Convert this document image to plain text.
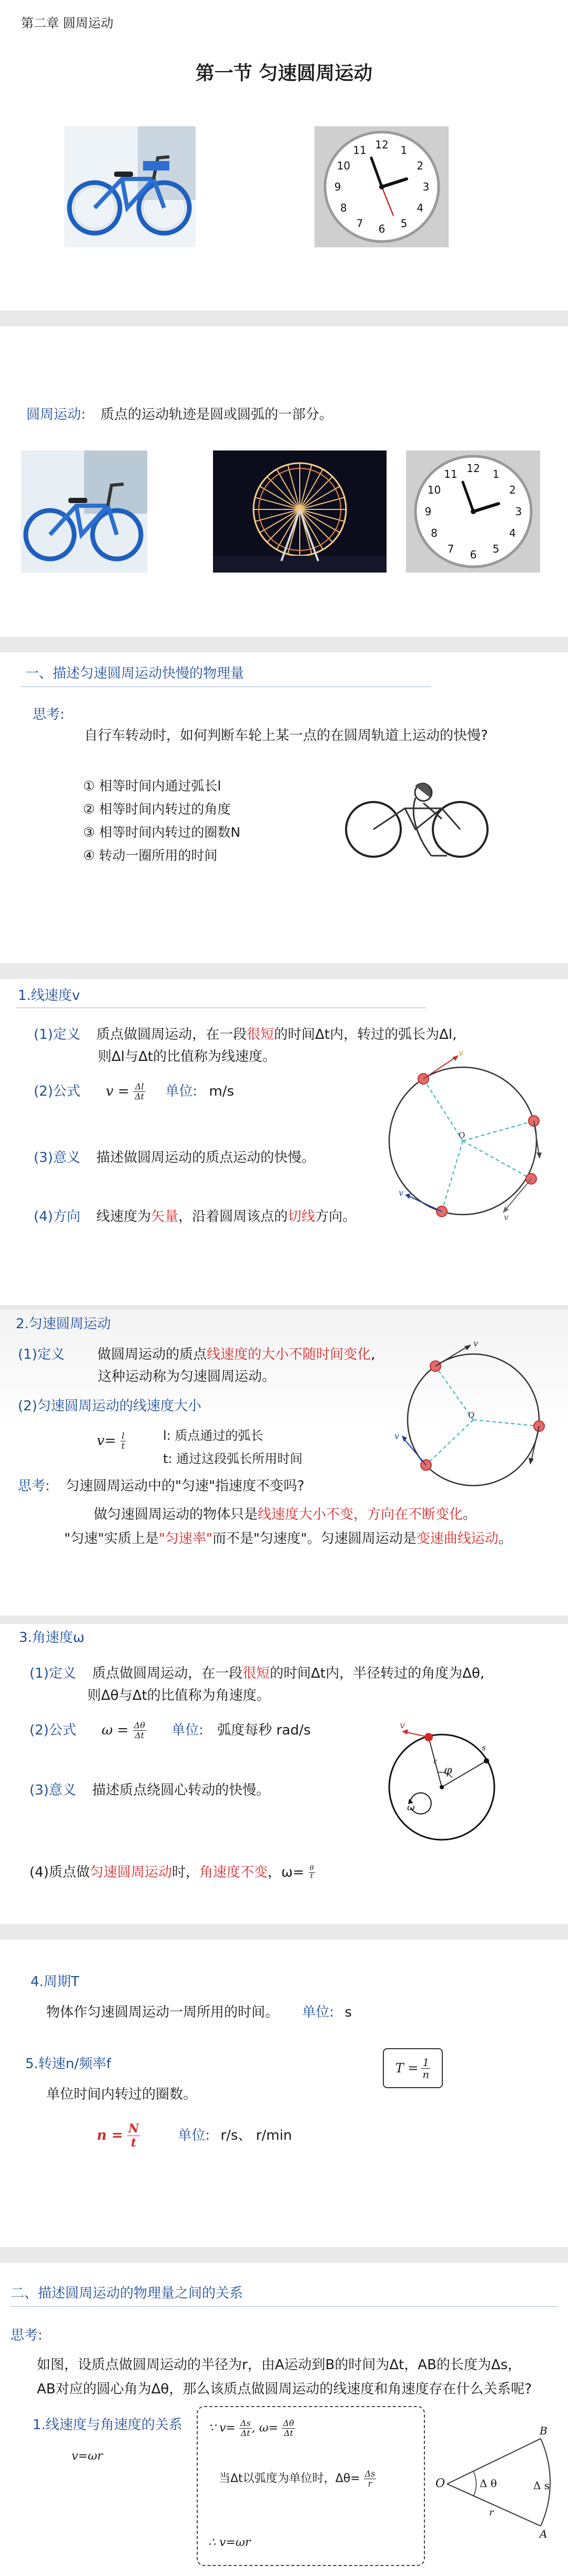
第二章 圆周运动
第一节 匀速圆周运动
12 1
2
3
4
5
6
7
8
9
10
11
圆周运动: 质点的运动轨迹是圆或圆弧的一部分。
12 1
2
3
4
5
6
7
8
9
10
11
一、描述匀速圆周运动快慢的物理量
思考:
自行车转动时，如何判断车轮上某一点的在圆周轨道上运动的快慢?
① 相等时间内通过弧长l
② 相等时间内转过的角度
③ 相等时间内转过的圈数N
④ 转动一圈所用的时间
1.线速度v
(1)定义 质点做圆周运动，在一段很短的时间Δt内，转过的弧长为Δl,
则Δl与Δt的比值称为线速度。
(2)公式 $v = \frac{\Delta l}{\Delta t}$ 单位: m/s
(3)意义 描述做圆周运动的质点运动的快慢。
(4)方向 线速度为矢量，沿着圆周该点的切线方向。
O
v
v
v
2.匀速圆周运动
(1)定义 做圆周运动的质点线速度的大小不随时间变化,
这种运动称为匀速圆周运动。
(2)匀速圆周运动的线速度大小
$v= \frac{l}{t}$	l: 质点通过的弧长
t: 通过这段弧长所用时间
思考: 匀速圆周运动中的"匀速"指速度不变吗?
做匀速圆周运动的物体只是线速度大小不变，方向在不断变化。
"匀速"实质上是"匀速率"而不是"匀速度"。匀速圆周运动是变速曲线运动。
O
v
v
3.角速度ω
(1)定义 质点做圆周运动，在一段很短的时间Δt内，半径转过的角度为Δθ,
则Δθ与Δt的比值称为角速度。
(2)公式 $\omega = \frac{\Delta\theta}{\Delta t}$ 单位: 弧度每秒 rad/s
(3)意义 描述质点绕圆心转动的快慢。
(4)质点做匀速圆周运动时，角速度不变，$\omega= \frac{\theta}{t}$
φ
r
s
v
ω
4.周期T
物体作匀速圆周运动一周所用的时间。 单位: s
$T = \frac{1}{n}$
5.转速n/频率f
单位时间内转过的圈数。
$n = \frac{N}{t}$	单位: r/s、 r/min
二、描述圆周运动的物理量之间的关系
思考:
如图，设质点做圆周运动的半径为r，由A运动到B的时间为Δt，AB的长度为Δs，
AB对应的圆心角为Δθ，那么该质点做圆周运动的线速度和角速度存在什么关系呢?
1.线速度与角速度的关系
v=ωr
∵ $v= \frac{\Delta s}{\Delta t}$ , $\omega= \frac{\Delta\theta}{\Delta t}$
当Δt以弧度为单位时，$\Delta\theta= \frac{\Delta s}{r}$
∴ v=ωr
O	Δ θ
r
B
A
Δ s
